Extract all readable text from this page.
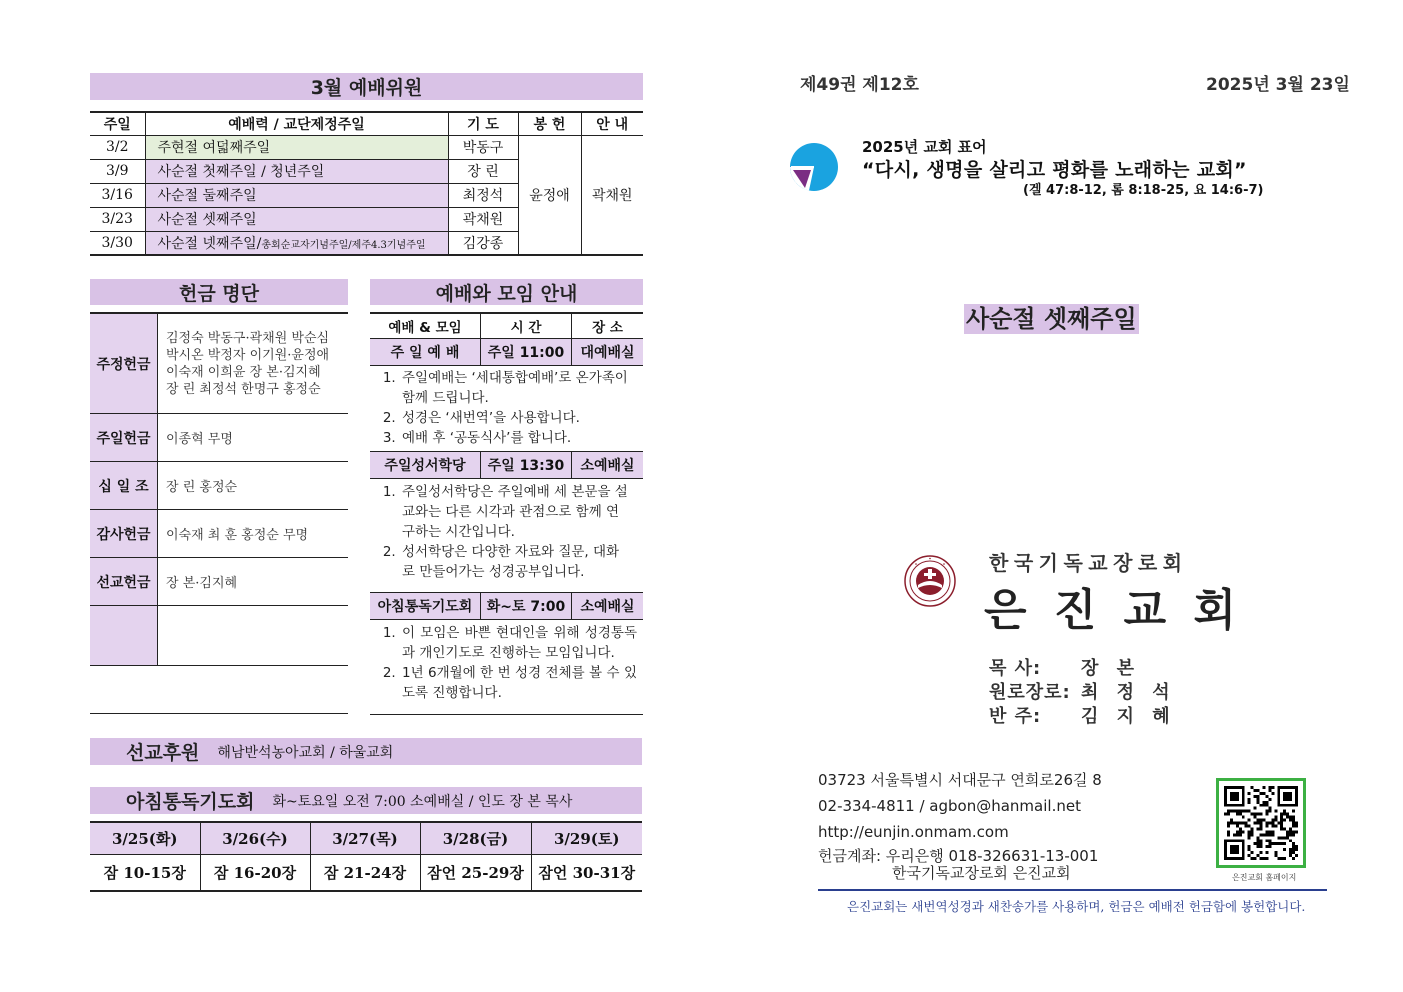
3월 예배위원
주일	예배력 / 교단제정주일	기 도	봉 헌	안 내
3/2	주현절 여덟째주일	박동구	윤정애	곽채원
3/9	사순절 첫째주일 / 청년주일	장 린		
3/16	사순절 둘째주일	최정석		
3/23	사순절 셋째주일	곽채원		
3/30	사순절 넷째주일/총회순교자기념주일/제주4.3기념주일	김강종		
헌금 명단
주정헌금
김정숙 박동구·곽채원 박순심
박시온 박정자 이기원·윤정애
이숙재 이희윤 장 본·김지혜
장 린 최정석 한명구 홍정순
주일헌금	이종혁 무명
십 일 조	장 린 홍정순
감사헌금	이숙재 최 훈 홍정순 무명
선교헌금	장 본·김지혜
예배와 모임 안내
예배 & 모임	시 간	장 소
주 일 예 배	주일 11:00	대예배실
1. 주일예배는 ‘세대통합예배’로 온가족이 함께 드립니다.
2. 성경은 ‘새번역’을 사용합니다.
3. 예배 후 ‘공동식사’를 합니다.
주일성서학당	주일 13:30	소예배실
1. 주일성서학당은 주일예배 세 본문을 설교와는 다른 시각과 관점으로 함께 연구하는 시간입니다.
2. 성서학당은 다양한 자료와 질문, 대화로 만들어가는 성경공부입니다.
아침통독기도회	화~토 7:00	소예배실
1. 이 모임은 바쁜 현대인을 위해 성경통독과 개인기도로 진행하는 모임입니다.
2. 1년 6개월에 한 번 성경 전체를 볼 수 있도록 진행합니다.
선교후원 해남반석농아교회 / 하울교회
아침통독기도회 화~토요일 오전 7:00 소예배실 / 인도 장 본 목사
3/25(화)	3/26(수)	3/27(목)	3/28(금)	3/29(토)
잠 10-15장	잠 16-20장	잠 21-24장	잠언 25-29장	잠언 30-31장
제49권 제12호	2025년 3월 23일
2025년 교회 표어
“다시, 생명을 살리고 평화를 노래하는 교회”
(겔 47:8-12, 롬 8:18-25, 요 14:6-7)
사순절 셋째주일
한국기독교장로회
은 진 교 회
목 사:	장 본
원로장로: 최 정 석
반 주:	김 지 혜
03723 서울특별시 서대문구 연희로26길 8
02-334-4811 / agbon@hanmail.net
http://eunjin.onmam.com
헌금계좌: 우리은행 018-326631-13-001
한국기독교장로회 은진교회	은진교회 홈페이지
은진교회는 새번역성경과 새찬송가를 사용하며, 헌금은 예배전 헌금함에 봉헌합니다.
